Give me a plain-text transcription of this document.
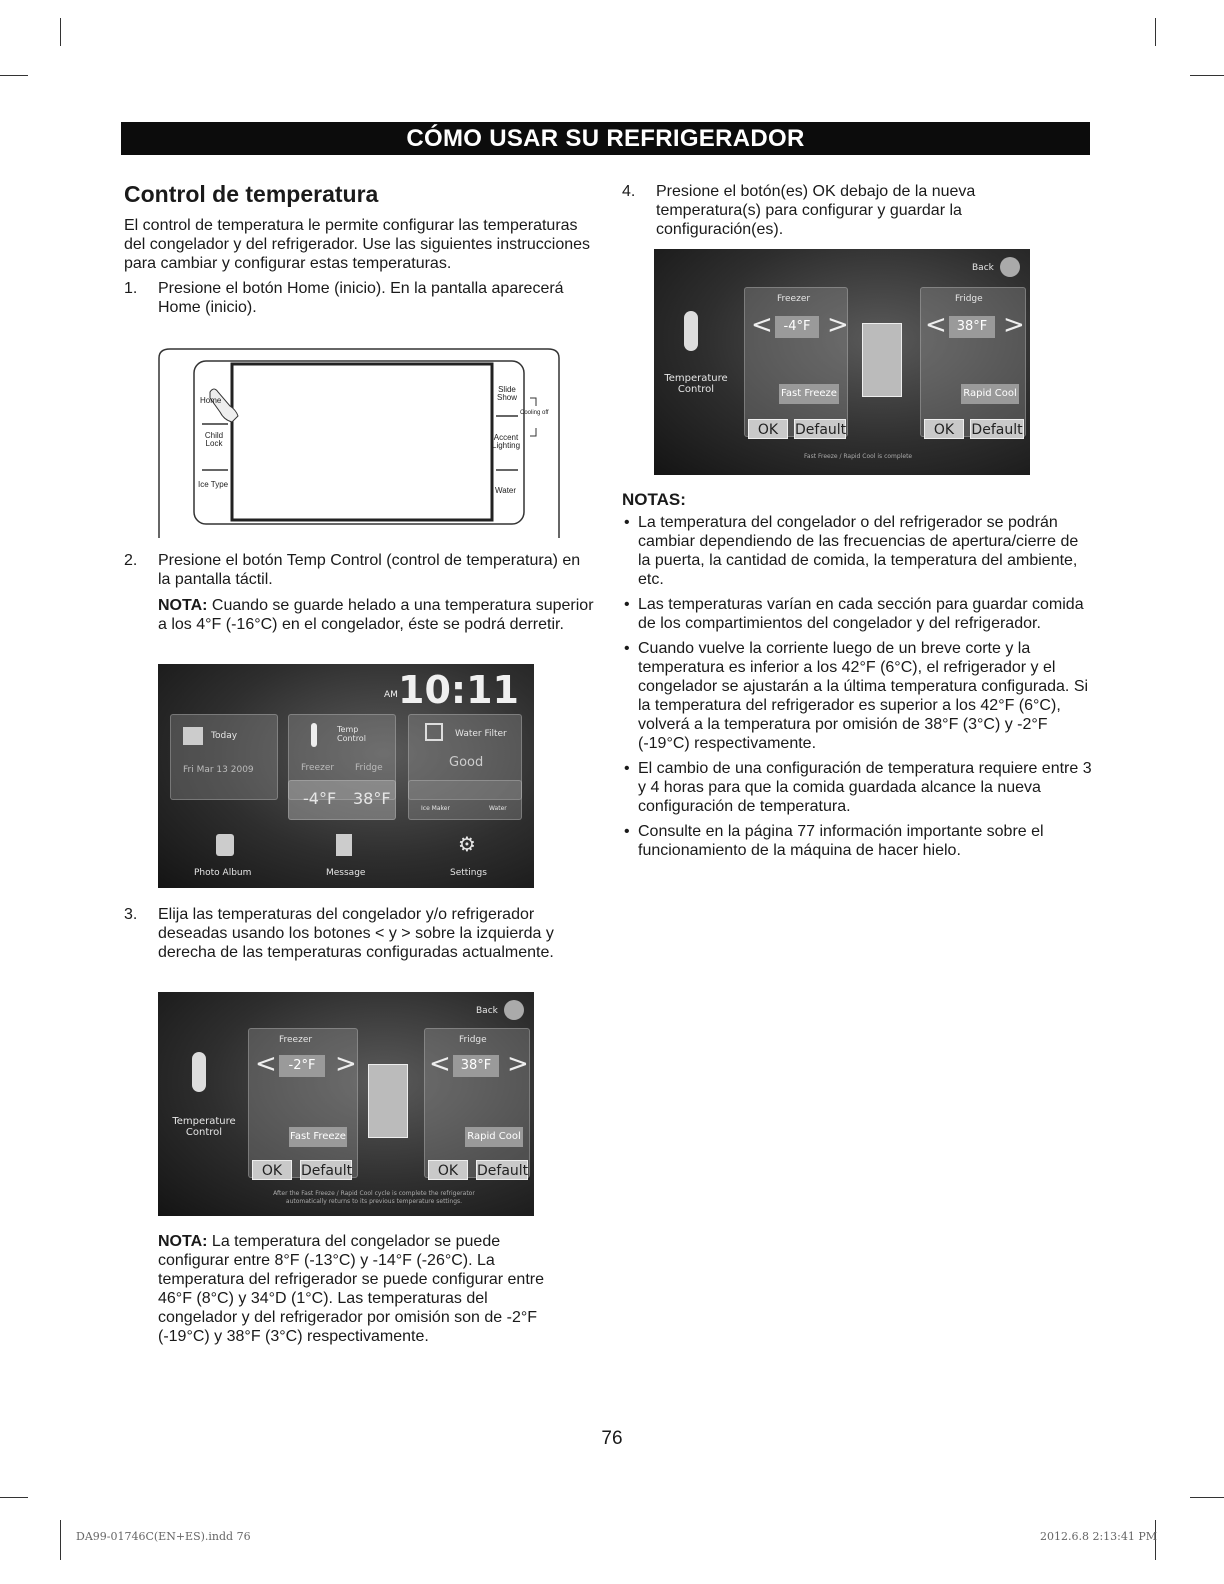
CÓMO USAR SU REFRIGERADOR
Control de temperatura

El control de temperatura le permite configurar las temperaturas del congelador y del refrigerador. Use las siguientes instrucciones para cambiar y configurar estas temperaturas.

1.	Presione el botón Home (inicio). En la pantalla aparecerá Home (inicio).
Home
Child Lock
Ice Type
Slide Show
Cooling off
Accent Lighting
Water
2.	Presione el botón Temp Control (control de temperatura) en la pantalla táctil.

NOTA: Cuando se guarde helado a una temperatura superior a los 4°F (-16°C) en el congelador, éste se podrá derretir.

AM 10:11
Today
Fri Mar 13 2009
Temp Control
Freezer Fridge
-4°F 38°F
Water Filter
Good
Ice Maker	Water
Photo Album	Message
⚙
Settings
3.	Elija las temperaturas del congelador y/o refrigerador deseadas usando los botones < y > sobre la izquierda y derecha de las temperaturas configuradas actualmente.
Back
Temperature Control
Freezer
< -2°F >
Fast Freeze
OK	Default
Fridge
< 38°F >
Rapid Cool
OK	Default
After the Fast Freeze / Rapid Cool cycle is complete the refrigerator automatically returns to its previous temperature settings.

NOTA: La temperatura del congelador se puede configurar entre 8°F (-13°C) y -14°F (-26°C). La temperatura del refrigerador se puede configurar entre 46°F (8°C) y 34°D (1°C). Las temperaturas del congelador y del refrigerador por omisión son de -2°F (-19°C) y 38°F (3°C) respectivamente.

4.	Presione el botón(es) OK debajo de la nueva temperatura(s) para configurar y guardar la configuración(es).
Back
Temperature Control
Freezer
< -4°F >
Fast Freeze
OK	Default
Fridge
< 38°F >
Rapid Cool
OK	Default
Fast Freeze / Rapid Cool is complete
NOTAS:
• La temperatura del congelador o del refrigerador se podrán cambiar dependiendo de las frecuencias de apertura/cierre de la puerta, la cantidad de comida, la temperatura del ambiente, etc.
• Las temperaturas varían en cada sección para guardar comida de los compartimientos del congelador y del refrigerador.
• Cuando vuelve la corriente luego de un breve corte y la temperatura es inferior a los 42°F (6°C), el refrigerador y el congelador se ajustarán a la última temperatura configurada. Si la temperatura del refrigerador es superior a los 42°F (6°C), volverá a la temperatura por omisión de 38°F (3°C) y -2°F (-19°C) respectivamente.
• El cambio de una configuración de temperatura requiere entre 3 y 4 horas para que la comida guardada alcance la nueva configuración de temperatura.
• Consulte en la página 77 información importante sobre el funcionamiento de la máquina de hacer hielo.
76
DA99-01746C(EN+ES).indd 76	2012.6.8 2:13:41 PM
